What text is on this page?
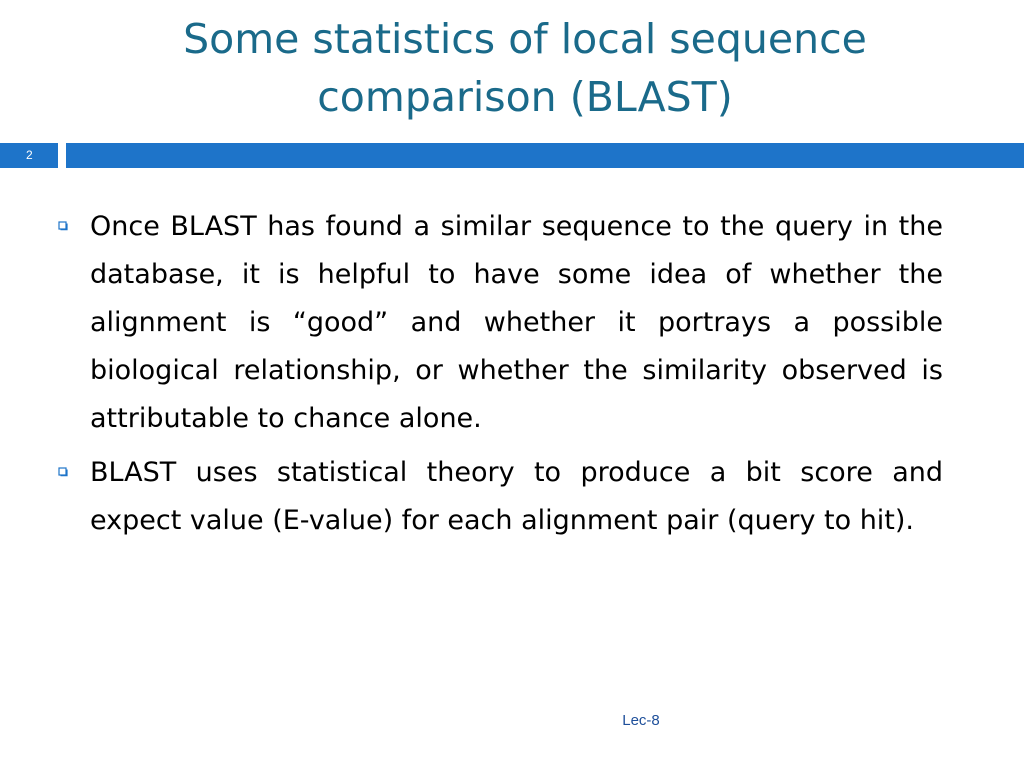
Some statistics of local sequence comparison (BLAST)
2
Once BLAST has found a similar sequence to the query in the database, it is helpful to have some idea of whether the alignment is “good” and whether it portrays a possible biological relationship, or whether the similarity observed is attributable to chance alone.
BLAST uses statistical theory to produce a bit score and expect value (E-value) for each alignment pair (query to hit).
Lec-8
